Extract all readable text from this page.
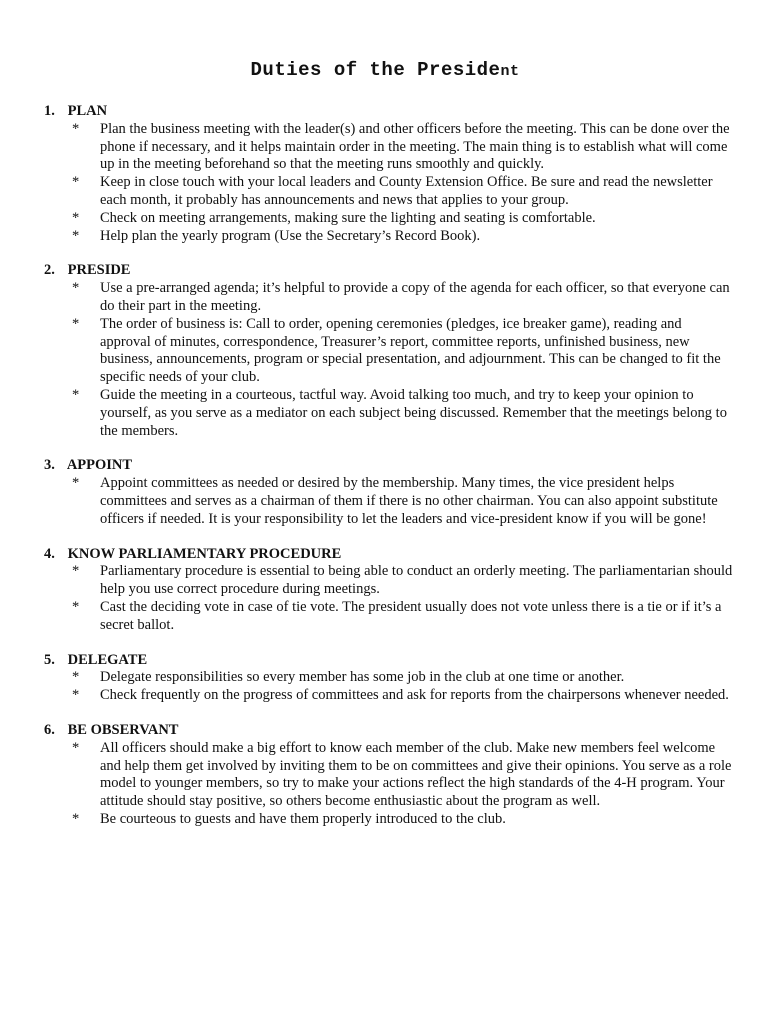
Duties of the President
1. PLAN
* Plan the business meeting with the leader(s) and other officers before the meeting. This can be done over the phone if necessary, and it helps maintain order in the meeting. The main thing is to establish what will come up in the meeting beforehand so that the meeting runs smoothly and quickly.
* Keep in close touch with your local leaders and County Extension Office. Be sure and read the newsletter each month, it probably has announcements and news that applies to your group.
* Check on meeting arrangements, making sure the lighting and seating is comfortable.
* Help plan the yearly program (Use the Secretary’s Record Book).
2. PRESIDE
* Use a pre-arranged agenda; it’s helpful to provide a copy of the agenda for each officer, so that everyone can do their part in the meeting.
* The order of business is: Call to order, opening ceremonies (pledges, ice breaker game), reading and approval of minutes, correspondence, Treasurer’s report, committee reports, unfinished business, new business, announcements, program or special presentation, and adjournment. This can be changed to fit the specific needs of your club.
* Guide the meeting in a courteous, tactful way. Avoid talking too much, and try to keep your opinion to yourself, as you serve as a mediator on each subject being discussed. Remember that the meetings belong to the members.
3. APPOINT
* Appoint committees as needed or desired by the membership. Many times, the vice president helps committees and serves as a chairman of them if there is no other chairman. You can also appoint substitute officers if needed. It is your responsibility to let the leaders and vice-president know if you will be gone!
4. KNOW PARLIAMENTARY PROCEDURE
* Parliamentary procedure is essential to being able to conduct an orderly meeting. The parliamentarian should help you use correct procedure during meetings.
* Cast the deciding vote in case of tie vote. The president usually does not vote unless there is a tie or if it’s a secret ballot.
5. DELEGATE
* Delegate responsibilities so every member has some job in the club at one time or another.
* Check frequently on the progress of committees and ask for reports from the chairpersons whenever needed.
6. BE OBSERVANT
* All officers should make a big effort to know each member of the club. Make new members feel welcome and help them get involved by inviting them to be on committees and give their opinions. You serve as a role model to younger members, so try to make your actions reflect the high standards of the 4-H program. Your attitude should stay positive, so others become enthusiastic about the program as well.
* Be courteous to guests and have them properly introduced to the club.
